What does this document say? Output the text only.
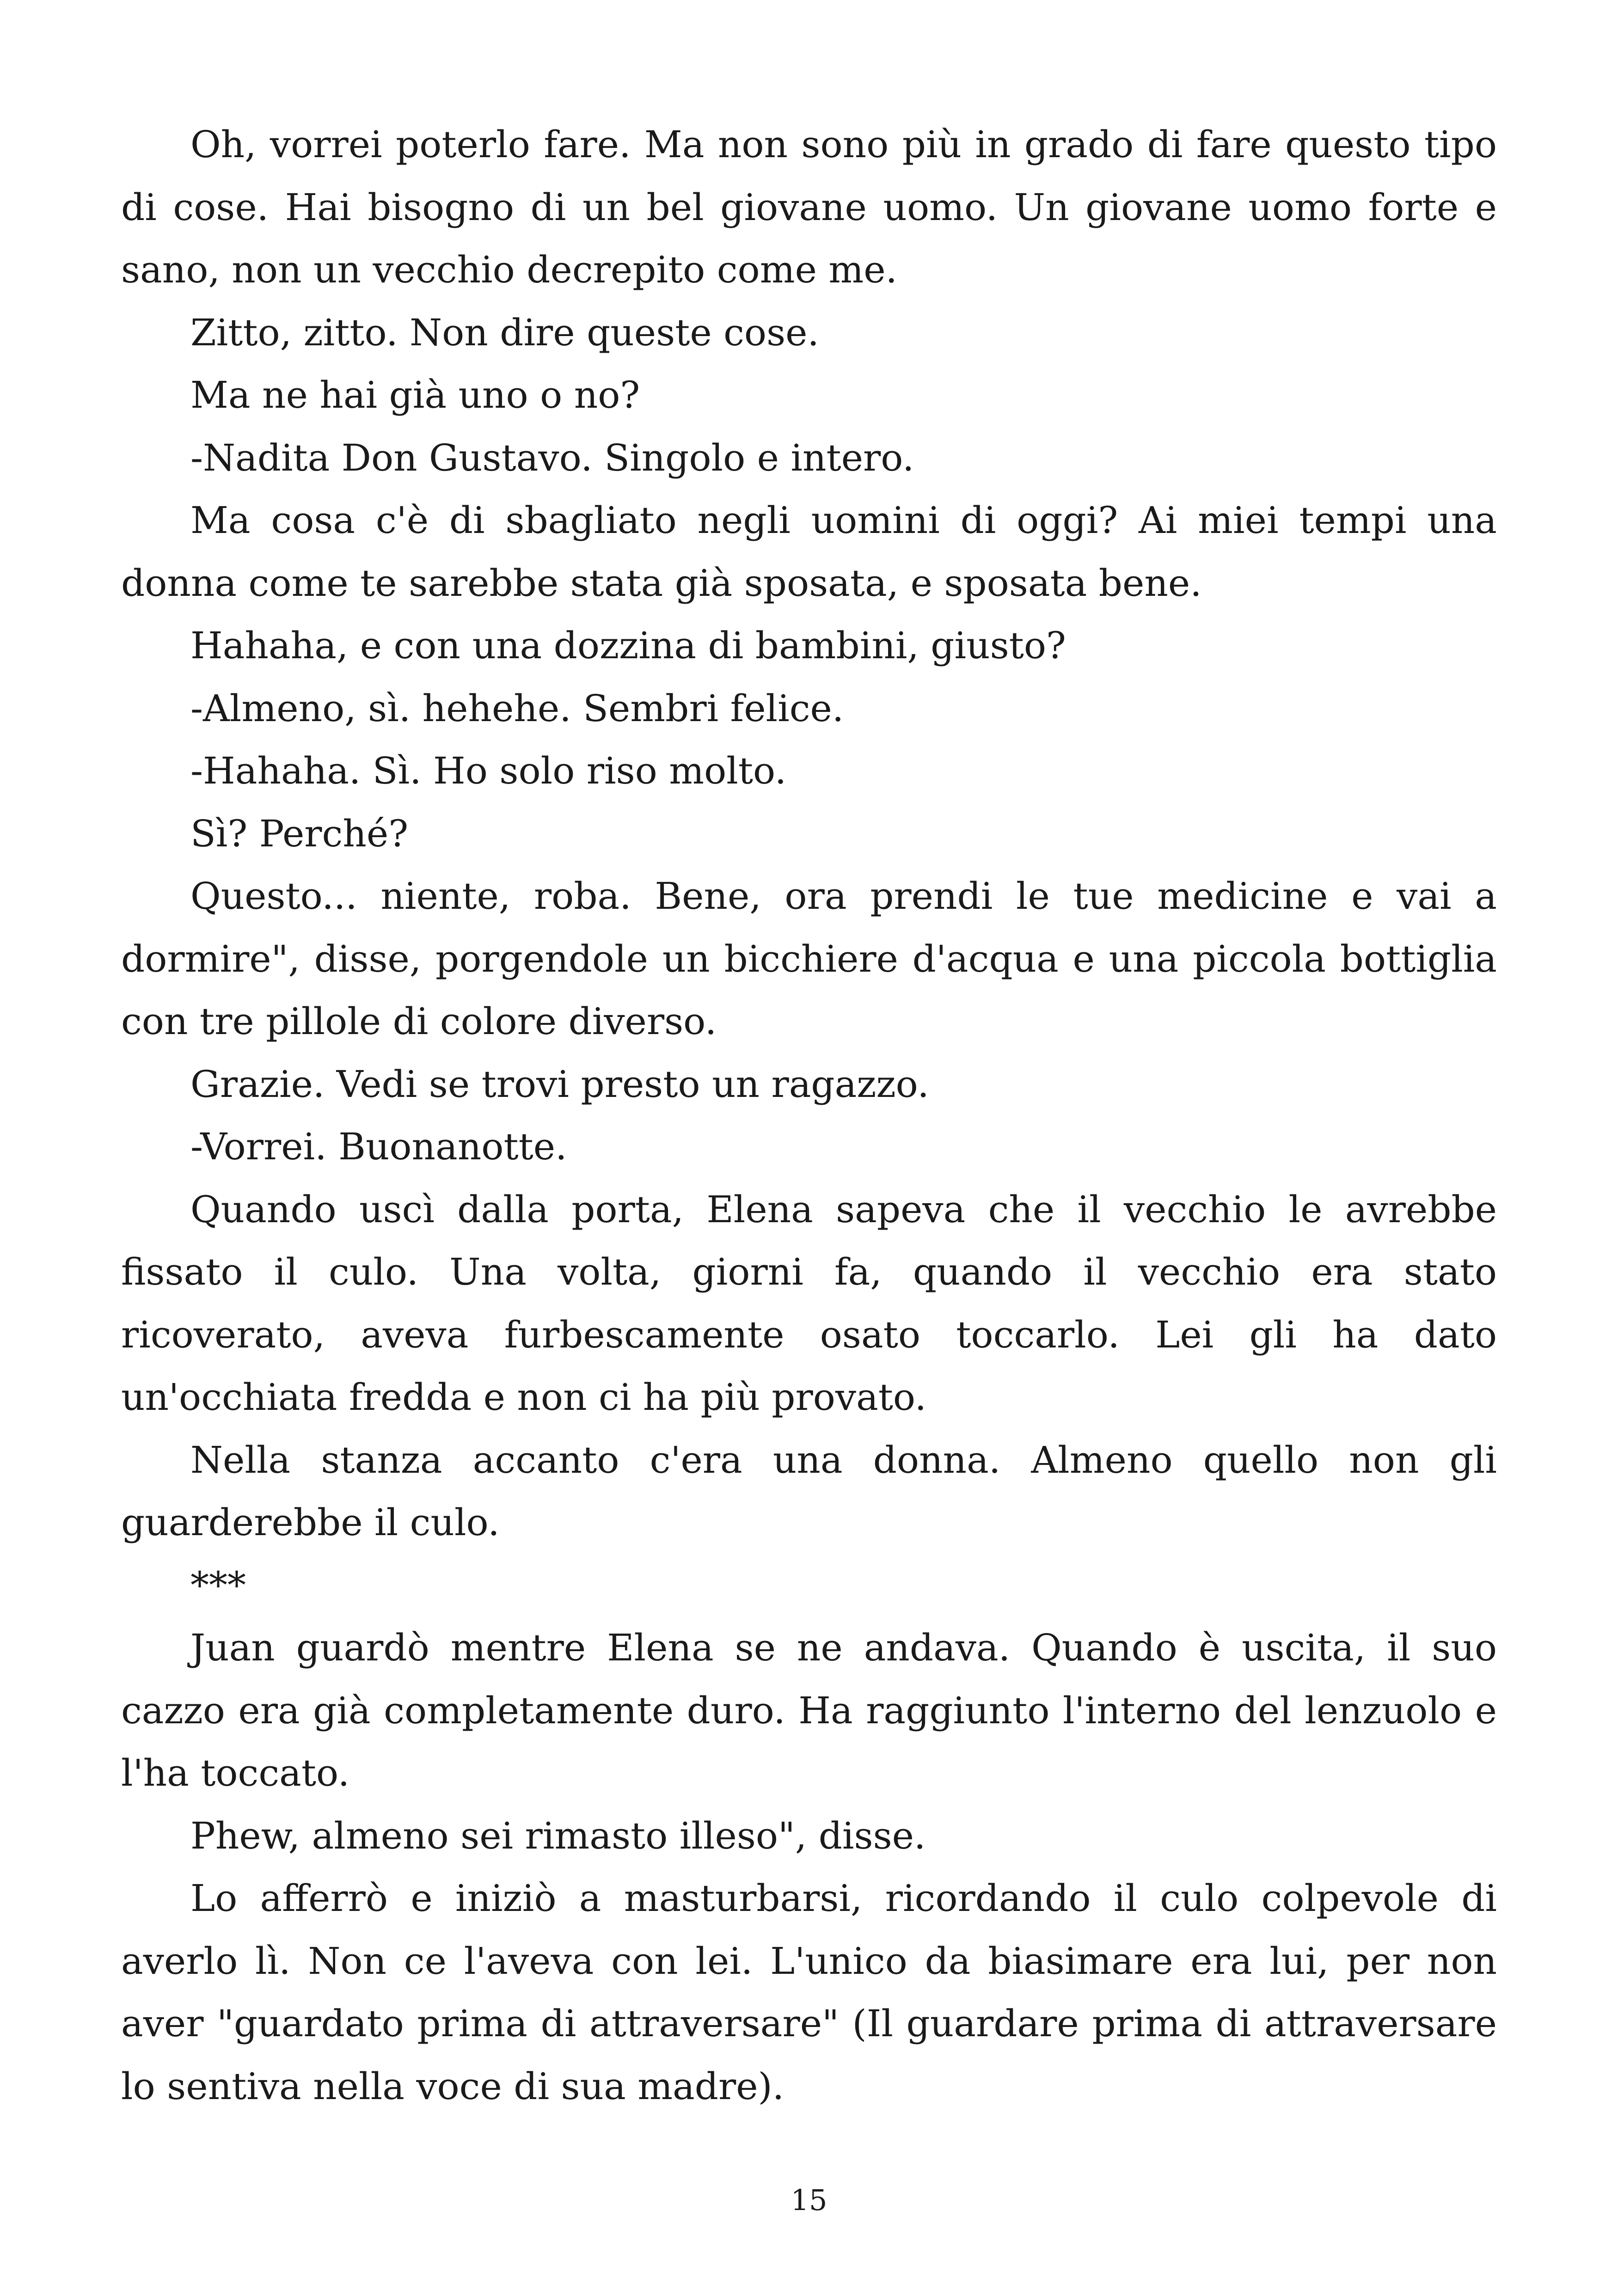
Oh, vorrei poterlo fare. Ma non sono più in grado di fare questo tipo di cose. Hai bisogno di un bel giovane uomo. Un giovane uomo forte e sano, non un vecchio decrepito come me.

Zitto, zitto. Non dire queste cose.

Ma ne hai già uno o no?

-Nadita Don Gustavo. Singolo e intero.

Ma cosa c'è di sbagliato negli uomini di oggi? Ai miei tempi una donna come te sarebbe stata già sposata, e sposata bene.

Hahaha, e con una dozzina di bambini, giusto?

-Almeno, sì. hehehe. Sembri felice.

-Hahaha. Sì. Ho solo riso molto.

Sì? Perché?

Questo... niente, roba. Bene, ora prendi le tue medicine e vai a dormire", disse, porgendole un bicchiere d'acqua e una piccola bottiglia con tre pillole di colore diverso.

Grazie. Vedi se trovi presto un ragazzo.

-Vorrei. Buonanotte.

Quando uscì dalla porta, Elena sapeva che il vecchio le avrebbe fissato il culo. Una volta, giorni fa, quando il vecchio era stato ricoverato, aveva furbescamente osato toccarlo. Lei gli ha dato un'occhiata fredda e non ci ha più provato.

Nella stanza accanto c'era una donna. Almeno quello non gli guarderebbe il culo.

***

Juan guardò mentre Elena se ne andava. Quando è uscita, il suo cazzo era già completamente duro. Ha raggiunto l'interno del lenzuolo e l'ha toccato.

Phew, almeno sei rimasto illeso", disse.

Lo afferrò e iniziò a masturbarsi, ricordando il culo colpevole di averlo lì. Non ce l'aveva con lei. L'unico da biasimare era lui, per non aver "guardato prima di attraversare" (Il guardare prima di attraversare lo sentiva nella voce di sua madre).

15
